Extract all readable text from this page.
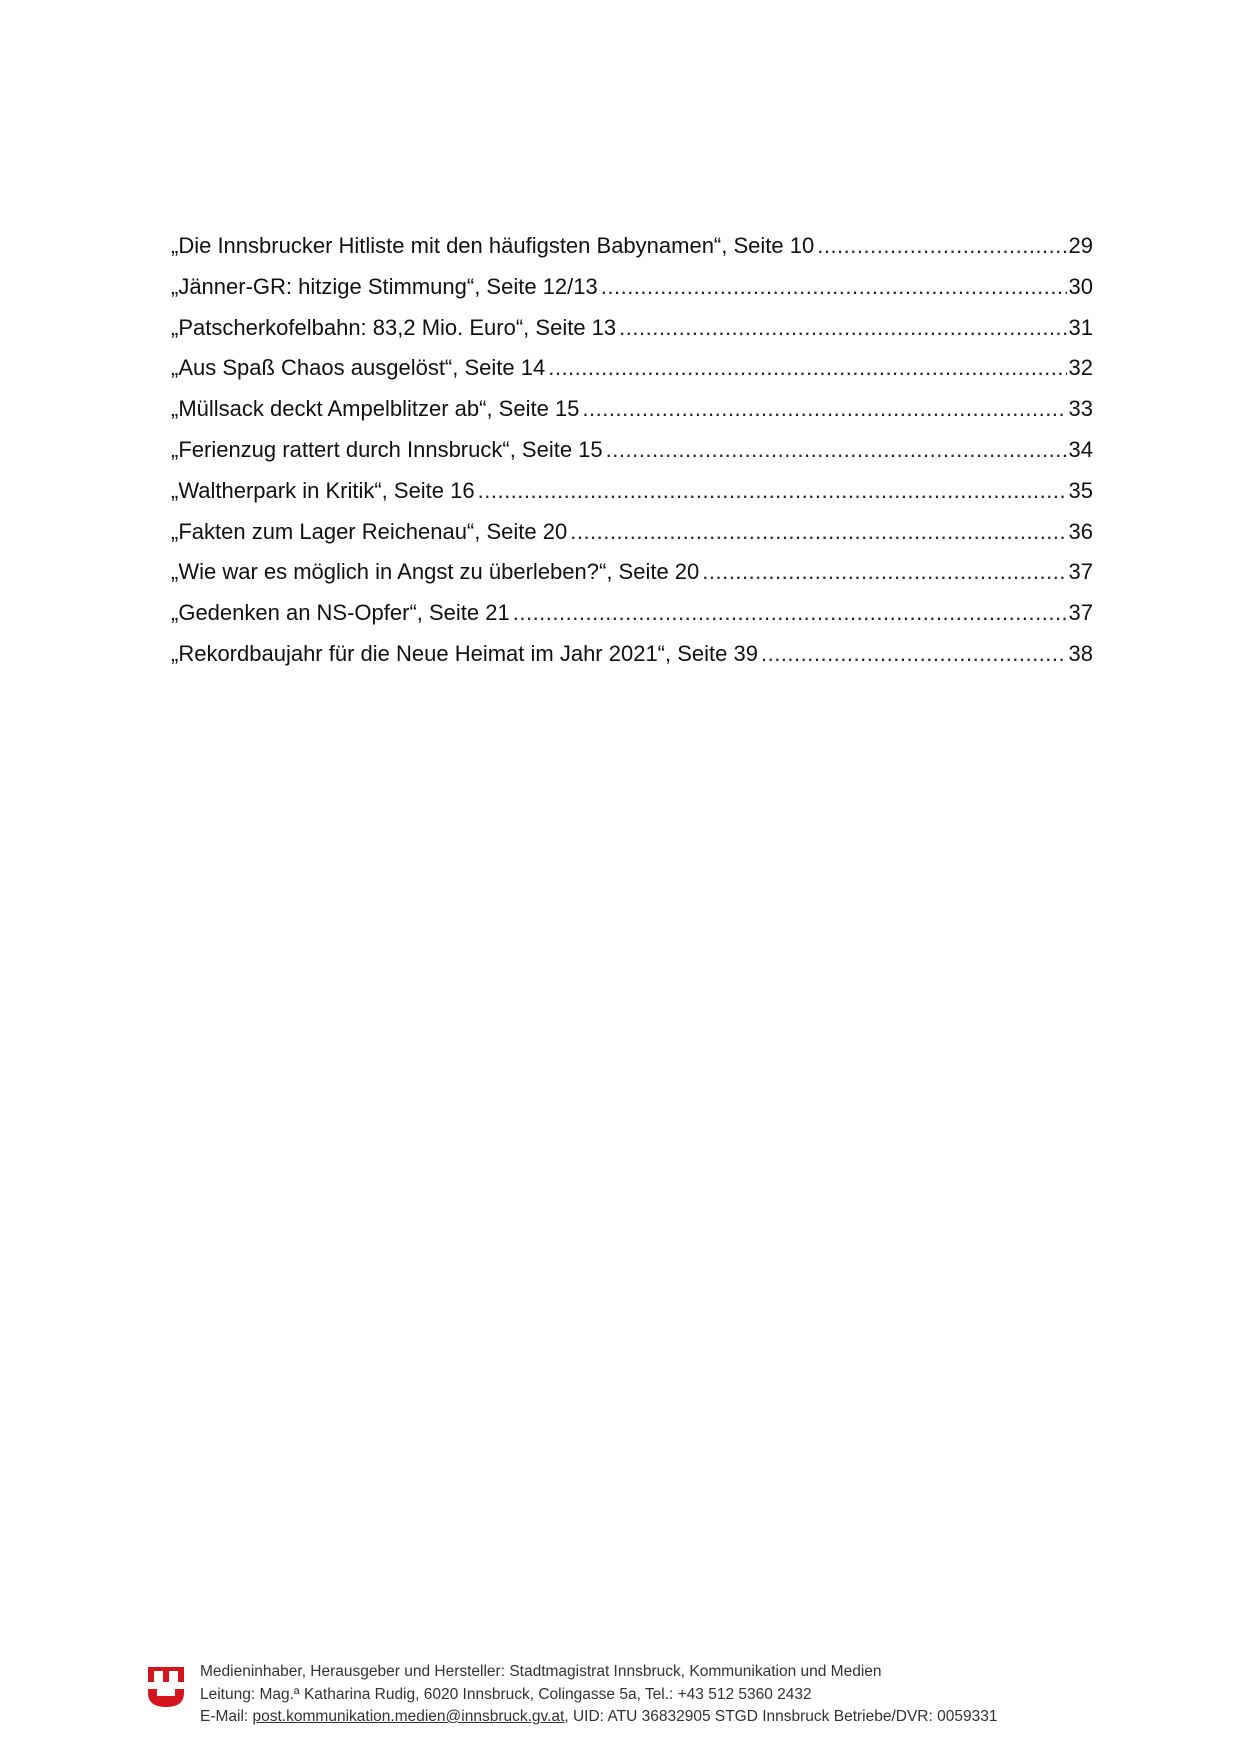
„Die Innsbrucker Hitliste mit den häufigsten Babynamen“, Seite 10 .....	29
„Jänner-GR: hitzige Stimmung“, Seite 12/13 .....	30
„Patscherkofelbahn: 83,2 Mio. Euro“, Seite 13 .....	31
„Aus Spaß Chaos ausgelöst“, Seite 14 .....	32
„Müllsack deckt Ampelblitzer ab“, Seite 15 .....	33
„Ferienzug rattert durch Innsbruck“, Seite 15 .....	34
„Waltherpark in Kritik“, Seite 16 .....	35
„Fakten zum Lager Reichenau“, Seite 20 .....	36
„Wie war es möglich in Angst zu überleben?“, Seite 20 .....	37
„Gedenken an NS-Opfer“, Seite 21 .....	37
„Rekordbaujahr für die Neue Heimat im Jahr 2021“, Seite 39 .....	38
Medieninhaber, Herausgeber und Hersteller: Stadtmagistrat Innsbruck, Kommunikation und Medien
Leitung: Mag.ª Katharina Rudig, 6020 Innsbruck, Colingasse 5a, Tel.: +43 512 5360 2432
E-Mail: post.kommunikation.medien@innsbruck.gv.at, UID: ATU 36832905 STGD Innsbruck Betriebe/DVR: 0059331
